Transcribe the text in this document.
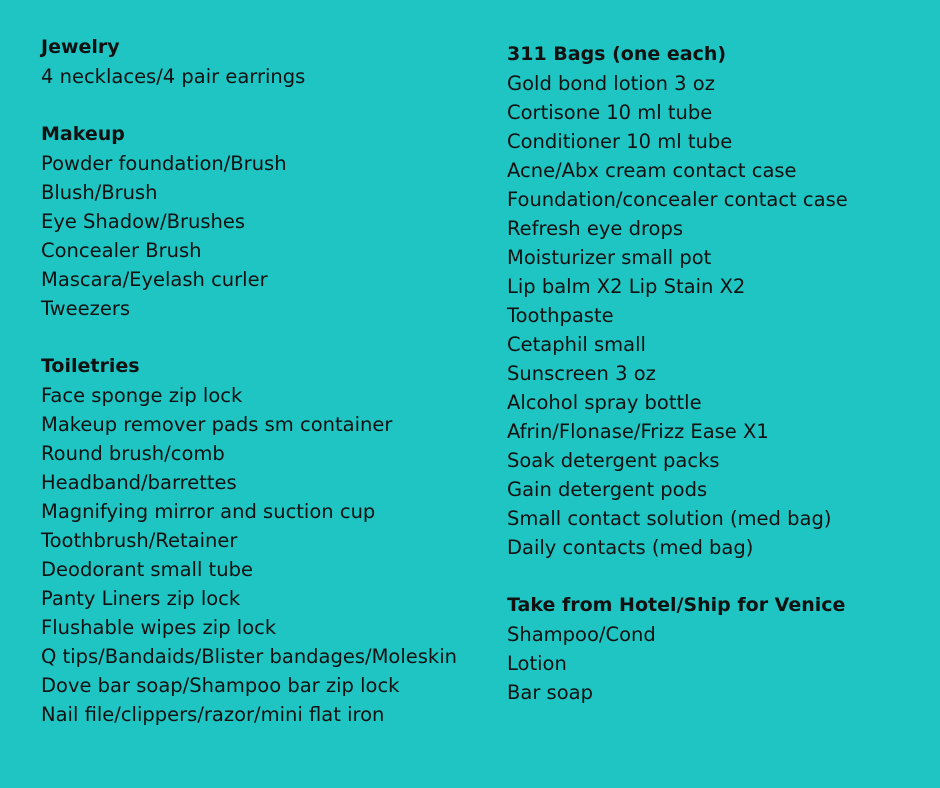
Jewelry
4 necklaces/4 pair earrings
Makeup
Powder foundation/Brush
Blush/Brush
Eye Shadow/Brushes
Concealer Brush
Mascara/Eyelash curler
Tweezers
Toiletries
Face sponge zip lock
Makeup remover pads sm container
Round brush/comb
Headband/barrettes
Magnifying mirror and suction cup
Toothbrush/Retainer
Deodorant small tube
Panty Liners zip lock
Flushable wipes zip lock
Q tips/Bandaids/Blister bandages/Moleskin
Dove bar soap/Shampoo bar zip lock
Nail file/clippers/razor/mini flat iron
311 Bags (one each)
Gold bond lotion 3 oz
Cortisone 10 ml tube
Conditioner 10 ml tube
Acne/Abx cream contact case
Foundation/concealer contact case
Refresh eye drops
Moisturizer small pot
Lip balm X2 Lip Stain X2
Toothpaste
Cetaphil small
Sunscreen 3 oz
Alcohol spray bottle
Afrin/Flonase/Frizz Ease X1
Soak detergent packs
Gain detergent pods
Small contact solution (med bag)
Daily contacts (med bag)
Take from Hotel/Ship for Venice
Shampoo/Cond
Lotion
Bar soap
